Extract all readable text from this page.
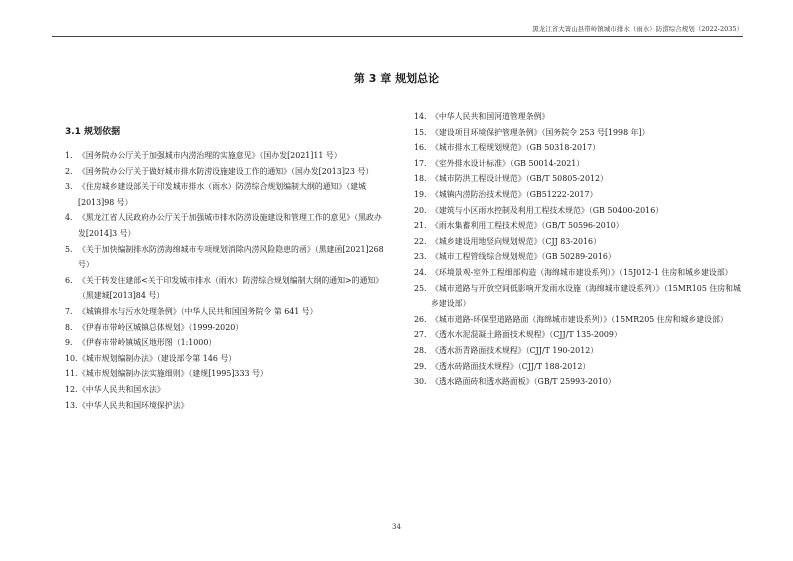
黑龙江省大箐山县带岭镇城市排水（雨水）防涝综合规划（2022-2035）
第 3 章 规划总论
3.1 规划依据
1. 《国务院办公厅关于加强城市内涝治理的实施意见》（国办发[2021]11 号）
2. 《国务院办公厅关于做好城市排水防涝设施建设工作的通知》（国办发[2013]23 号）
3. 《住房城乡建设部关于印发城市排水（雨水）防涝综合规划编制大纲的通知》（建城[2013]98 号）
4. 《黑龙江省人民政府办公厅关于加强城市排水防涝设施建设和管理工作的意见》（黑政办发[2014]3 号）
5. 《关于加快编制排水防涝海绵城市专项规划消除内涝风险隐患的函》（黑建函[2021]268 号）
6. 《关于转发住建部<关于印发城市排水（雨水）防涝综合规划编制大纲的通知>的通知》（黑建城[2013]84 号）
7. 《城镇排水与污水处理条例》（中华人民共和国国务院令 第 641 号）
8. 《伊春市带岭区城镇总体规划》（1999-2020）
9. 《伊春市带岭镇城区地形图（1:1000）
10. 《城市规划编制办法》（建设部令第 146 号）
11. 《城市规划编制办法实施细则》（建规[1995]333 号）
12. 《中华人民共和国水法》
13. 《中华人民共和国环境保护法》
14. 《中华人民共和国河道管理条例》
15. 《建设项目环境保护管理条例》（国务院令 253 号[1998 年]）
16. 《城市排水工程规划规范》（GB 50318-2017）
17. 《室外排水设计标准》（GB 50014-2021）
18. 《城市防洪工程设计规范》（GB/T 50805-2012）
19. 《城镇内涝防治技术规范》（GB51222-2017）
20. 《建筑与小区雨水控制及利用工程技术规范》（GB 50400-2016）
21. 《雨水集蓄利用工程技术规范》（GB/T 50596-2010）
22. 《城乡建设用地竖向规划规范》（CJJ 83-2016）
23. 《城市工程管线综合规划规范》（GB 50289-2016）
24. 《环境景观-室外工程细部构造（海绵城市建设系列）》（15J012-1 住房和城乡建设部）
25. 《城市道路与开放空间低影响开发雨水设施（海绵城市建设系列）》（15MR105 住房和城乡建设部）
26. 《城市道路-环保型道路路面（海绵城市建设系列）》（15MR205 住房和城乡建设部）
27. 《透水水泥混凝土路面技术规程》（CJJ/T 135-2009）
28. 《透水沥青路面技术规程》（CJJ/T 190-2012）
29. 《透水砖路面技术规程》（CJJ/T 188-2012）
30. 《透水路面砖和透水路面板》（GB/T 25993-2010）
34
